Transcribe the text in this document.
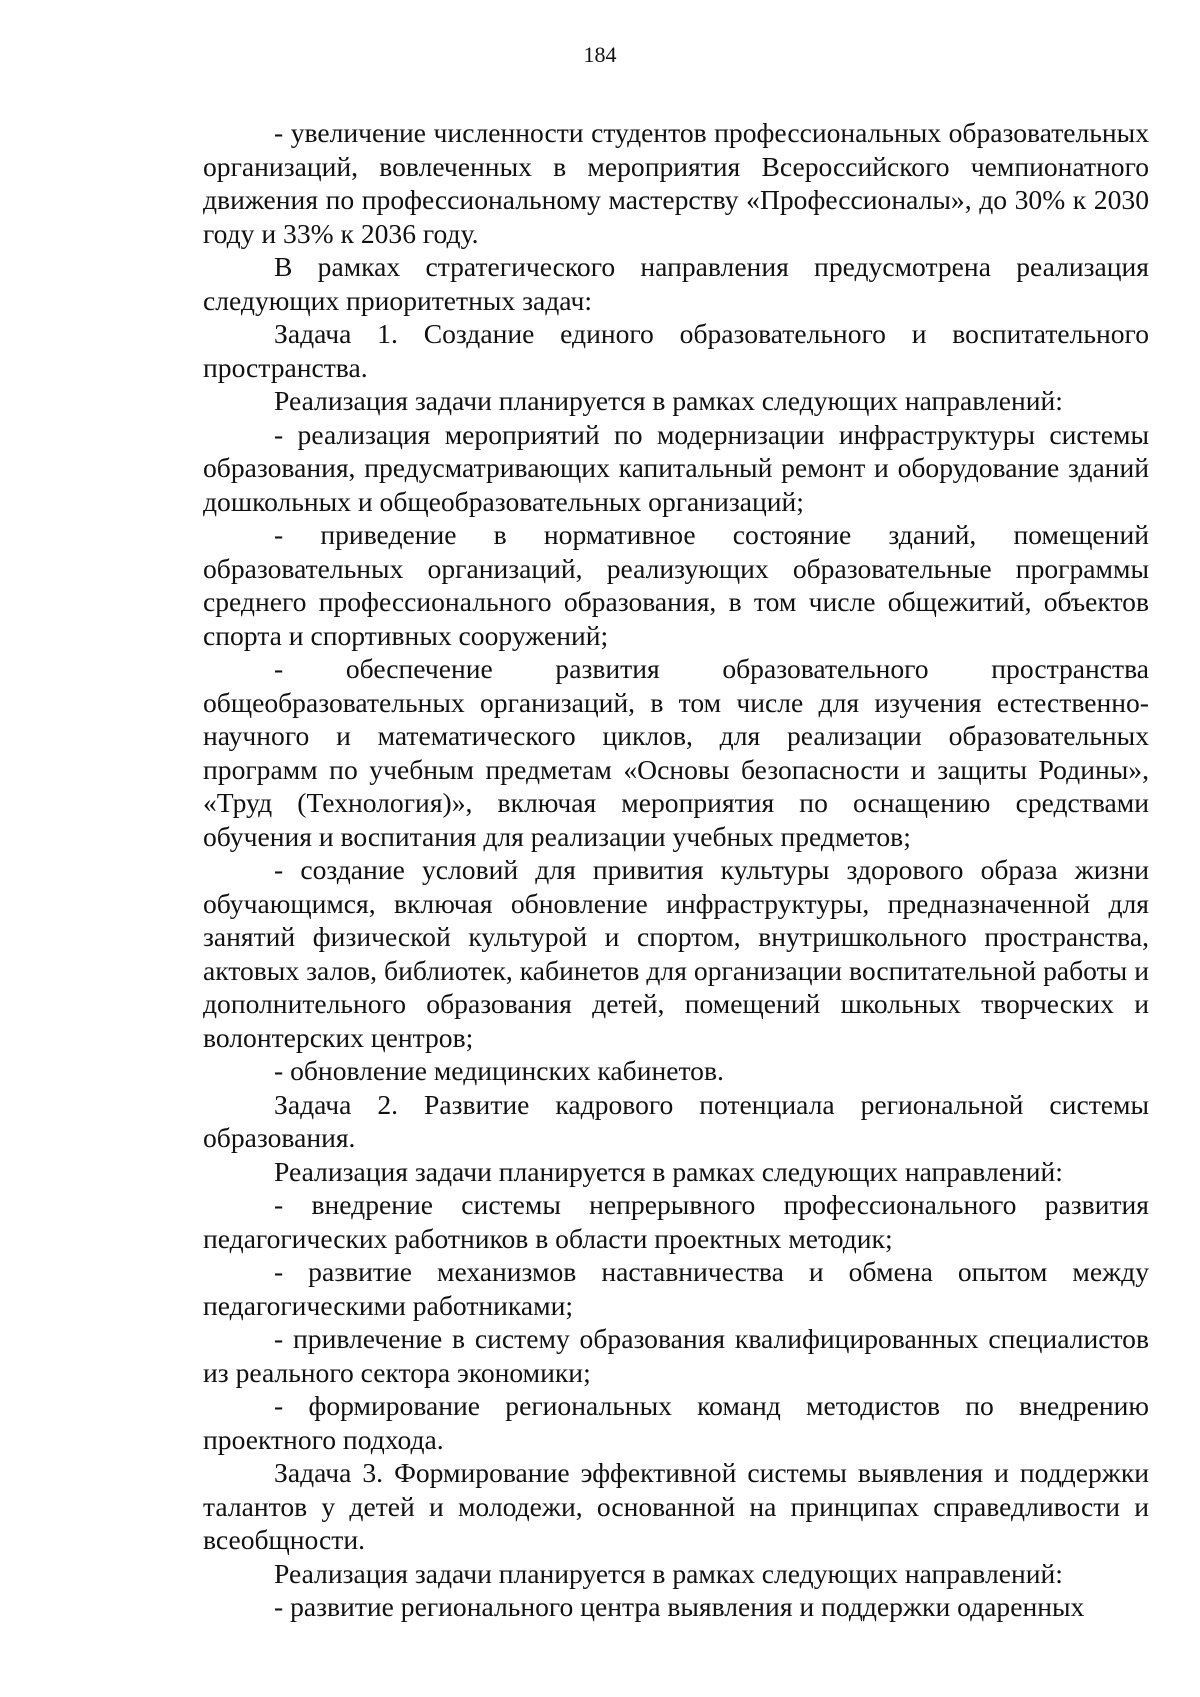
184

- увеличение численности студентов профессиональных образовательных организаций, вовлеченных в мероприятия Всероссийского чемпионатного движения по профессиональному мастерству «Профессионалы», до 30% к 2030 году и 33% к 2036 году.

В рамках стратегического направления предусмотрена реализация следующих приоритетных задач:

Задача 1. Создание единого образовательного и воспитательного пространства.

Реализация задачи планируется в рамках следующих направлений:

- реализация мероприятий по модернизации инфраструктуры системы образования, предусматривающих капитальный ремонт и оборудование зданий дошкольных и общеобразовательных организаций;

- приведение в нормативное состояние зданий, помещений образовательных организаций, реализующих образовательные программы среднего профессионального образования, в том числе общежитий, объектов спорта и спортивных сооружений;

- обеспечение развития образовательного пространства общеобразовательных организаций, в том числе для изучения естественно-научного и математического циклов, для реализации образовательных программ по учебным предметам «Основы безопасности и защиты Родины», «Труд (Технология)», включая мероприятия по оснащению средствами обучения и воспитания для реализации учебных предметов;

- создание условий для привития культуры здорового образа жизни обучающимся, включая обновление инфраструктуры, предназначенной для занятий физической культурой и спортом, внутришкольного пространства, актовых залов, библиотек, кабинетов для организации воспитательной работы и дополнительного образования детей, помещений школьных творческих и волонтерских центров;

- обновление медицинских кабинетов.

Задача 2. Развитие кадрового потенциала региональной системы образования.

Реализация задачи планируется в рамках следующих направлений:

- внедрение системы непрерывного профессионального развития педагогических работников в области проектных методик;

- развитие механизмов наставничества и обмена опытом между педагогическими работниками;

- привлечение в систему образования квалифицированных специалистов из реального сектора экономики;

- формирование региональных команд методистов по внедрению проектного подхода.

Задача 3. Формирование эффективной системы выявления и поддержки талантов у детей и молодежи, основанной на принципах справедливости и всеобщности.

Реализация задачи планируется в рамках следующих направлений:

- развитие регионального центра выявления и поддержки одаренных
